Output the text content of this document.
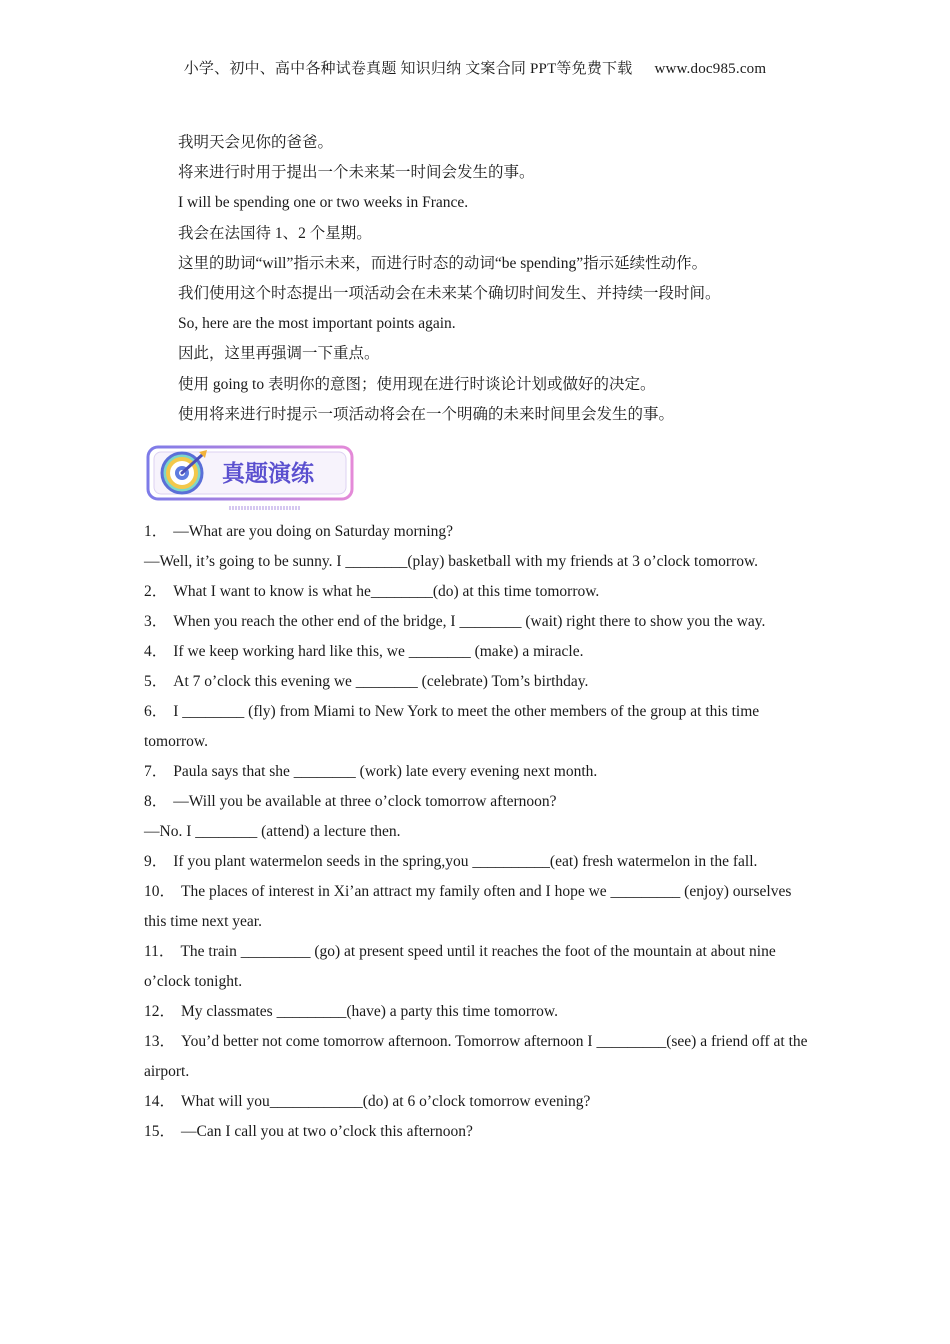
小学、初中、高中各种试卷真题 知识归纳 文案合同 PPT等免费下载 www.doc985.com

我明天会见你的爸爸。

将来进行时用于提出一个未来某一时间会发生的事。

I will be spending one or two weeks in France.

我会在法国待 1、2 个星期。

这里的助词“will”指示未来，而进行时态的动词“be spending”指示延续性动作。

我们使用这个时态提出一项活动会在未来某个确切时间发生、并持续一段时间。

So, here are the most important points again.

因此，这里再强调一下重点。

使用 going to 表明你的意图；使用现在进行时谈论计划或做好的决定。

使用将来进行时提示一项活动将会在一个明确的未来时间里会发生的事。

真题演练

1． —What are you doing on Saturday morning?

—Well, it’s going to be sunny. I ________(play) basketball with my friends at 3 o’clock tomorrow.

2． What I want to know is what he________(do) at this time tomorrow.

3． When you reach the other end of the bridge, I ________ (wait) right there to show you the way.

4． If we keep working hard like this, we ________ (make) a miracle.

5． At 7 o’clock this evening we ________ (celebrate) Tom’s birthday.

6． I ________ (fly) from Miami to New York to meet the other members of the group at this time tomorrow.

7． Paula says that she ________ (work) late every evening next month.

8． —Will you be available at three o’clock tomorrow afternoon?

—No. I ________ (attend) a lecture then.

9． If you plant watermelon seeds in the spring,you __________(eat) fresh watermelon in the fall.

10． The places of interest in Xi’an attract my family often and I hope we _________ (enjoy) ourselves this time next year.

11． The train _________ (go) at present speed until it reaches the foot of the mountain at about nine o’clock tonight.

12． My classmates _________(have) a party this time tomorrow.

13． You’d better not come tomorrow afternoon. Tomorrow afternoon I _________(see) a friend off at the airport.

14． What will you____________(do) at 6 o’clock tomorrow evening?

15． —Can I call you at two o’clock this afternoon?
